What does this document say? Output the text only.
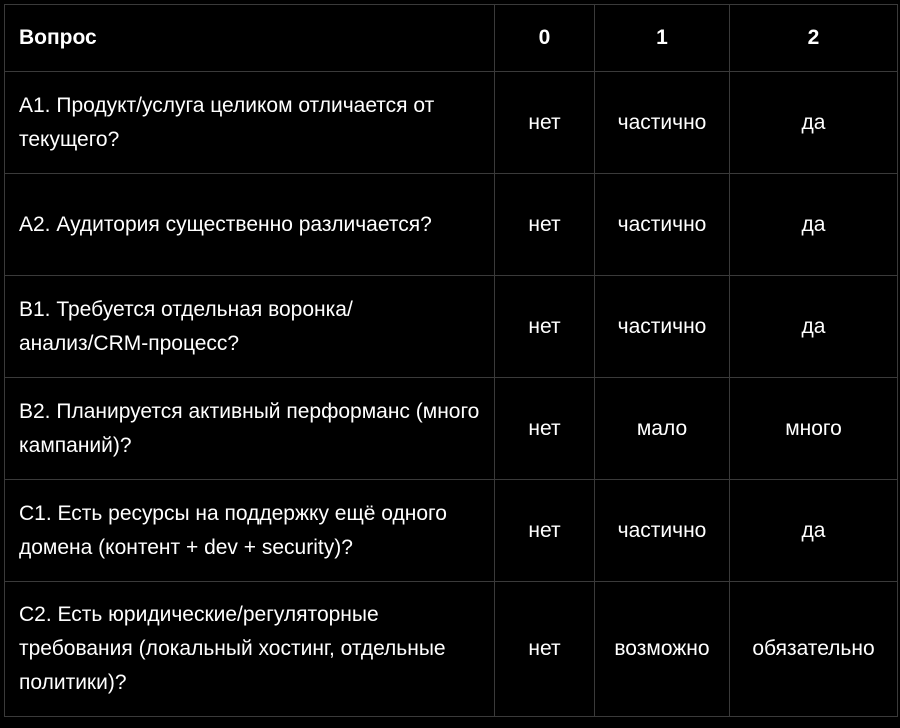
Вопрос	0	1	2
A1. Продукт/услуга целиком отличается от текущего?	нет	частично	да
A2. Аудитория существенно различается?	нет	частично	да
B1. Требуется отдельная воронка/ анализ/CRM-процесс?	нет	частично	да
B2. Планируется активный перформанс (много кампаний)?	нет	мало	много
C1. Есть ресурсы на поддержку ещё одного домена (контент + dev + security)?	нет	частично	да
C2. Есть юридические/регуляторные требования (локальный хостинг, отдельные политики)?	нет	возможно	обязательно
